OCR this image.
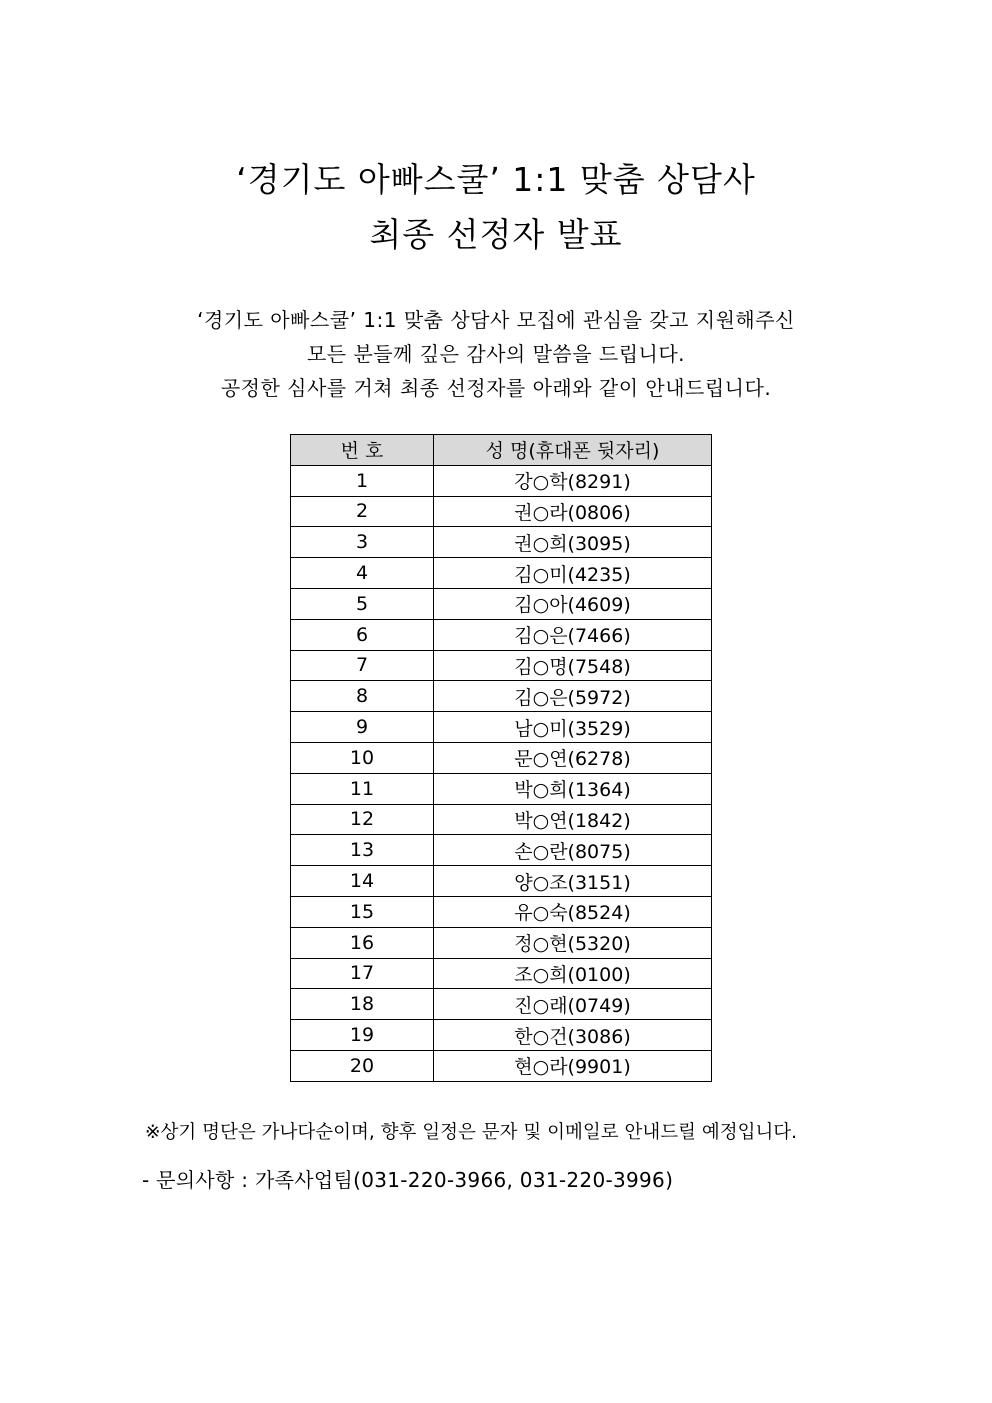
‘경기도 아빠스쿨’ 1:1 맞춤 상담사
최종 선정자 발표
‘경기도 아빠스쿨’ 1:1 맞춤 상담사 모집에 관심을 갖고 지원해주신
모든 분들께 깊은 감사의 말씀을 드립니다.
공정한 심사를 거쳐 최종 선정자를 아래와 같이 안내드립니다.
번 호	성 명(휴대폰 뒷자리)
1	강○학(8291)
2	권○라(0806)
3	권○희(3095)
4	김○미(4235)
5	김○아(4609)
6	김○은(7466)
7	김○명(7548)
8	김○은(5972)
9	남○미(3529)
10	문○연(6278)
11	박○희(1364)
12	박○연(1842)
13	손○란(8075)
14	양○조(3151)
15	유○숙(8524)
16	정○현(5320)
17	조○희(0100)
18	진○래(0749)
19	한○건(3086)
20	현○라(9901)
※상기 명단은 가나다순이며, 향후 일정은 문자 및 이메일로 안내드릴 예정입니다.
- 문의사항 : 가족사업팀(031-220-3966, 031-220-3996)
